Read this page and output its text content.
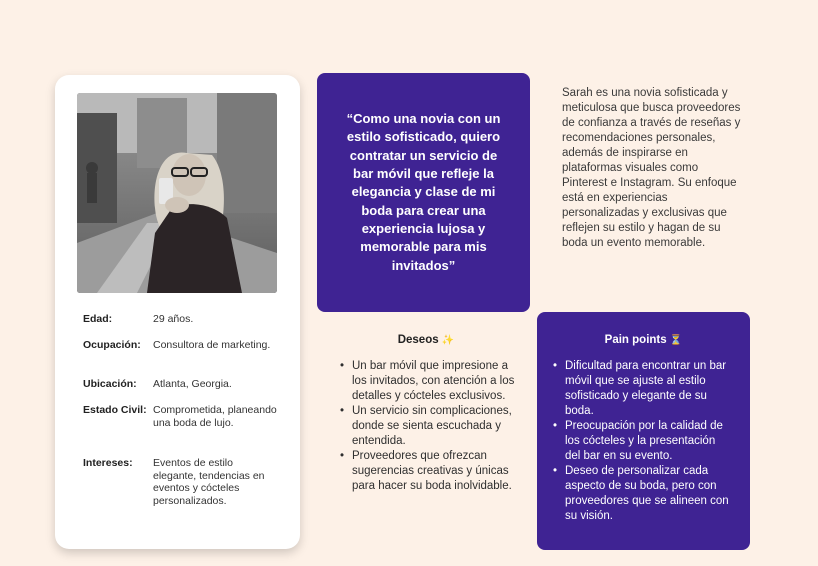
Edad:	29 años.
Ocupación: Consultora de marketing.
Ubicación: Atlanta, Georgia.
Estado Civil: Comprometida, planeando una boda de lujo.
Intereses: Eventos de estilo elegante, tendencias en eventos y cócteles personalizados.

“Como una novia con un estilo sofisticado, quiero contratar un servicio de bar móvil que refleje la elegancia y clase de mi boda para crear una experiencia lujosa y memorable para mis invitados”

Sarah es una novia sofisticada y meticulosa que busca proveedores de confianza a través de reseñas y recomendaciones personales, además de inspirarse en plataformas visuales como Pinterest e Instagram. Su enfoque está en experiencias personalizadas y exclusivas que reflejen su estilo y hagan de su boda un evento memorable.

Deseos ✨
• Un bar móvil que impresione a los invitados, con atención a los detalles y cócteles exclusivos.
• Un servicio sin complicaciones, donde se sienta escuchada y entendida.
• Proveedores que ofrezcan sugerencias creativas y únicas para hacer su boda inolvidable.
Pain points ⏳
• Dificultad para encontrar un bar móvil que se ajuste al estilo sofisticado y elegante de su boda.
• Preocupación por la calidad de los cócteles y la presentación del bar en su evento.
• Deseo de personalizar cada aspecto de su boda, pero con proveedores que se alineen con su visión.
